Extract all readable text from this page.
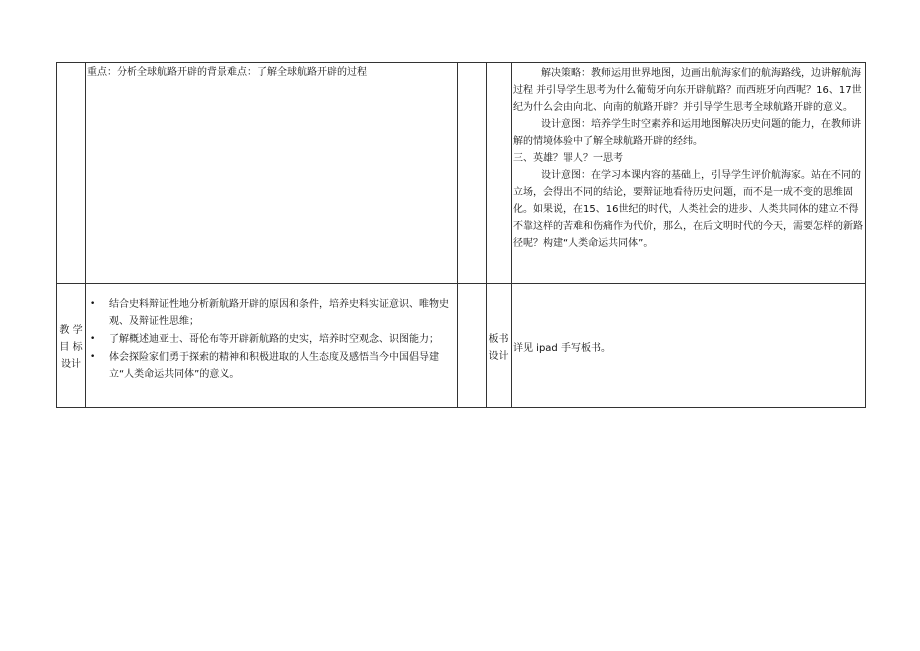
重点：分析全球航路开辟的背景难点：了解全球航路开辟的过程	解决策略：教师运用世界地图，边画出航海家们的航海路线，边讲解航海过程 并引导学生思考为什么葡萄牙向东开辟航路？而西班牙向西呢？16、17世纪为什么会由向北、向南的航路开辟？并引导学生思考全球航路开辟的意义。

设计意图：培养学生时空素养和运用地图解决历史问题的能力，在教师讲解的情境体验中了解全球航路开辟的经纬。

三、英雄？罪人？一思考

设计意图：在学习本课内容的基础上，引导学生评价航海家。站在不同的立场，会得出不同的结论，要辩证地看待历史问题，而不是一成不变的思维固化。如果说，在15、16世纪的时代，人类社会的进步、人类共同体的建立不得不靠这样的苦难和伤痛作为代价，那么，在后文明时代的今天，需要怎样的新路径呢？构建“人类命运共同体”。

教 学
目 标
设计
• 结合史料辩证性地分析新航路开辟的原因和条件，培养史料实证意识、唯物史观、及辩证性思维；
• 了解概述迪亚士、哥伦布等开辟新航路的史实，培养时空观念、识图能力；
• 体会探险家们勇于探索的精神和积极进取的人生态度及感悟当今中国倡导建立“人类命运共同体”的意义。
板书
设计
详见 ipad 手写板书。
